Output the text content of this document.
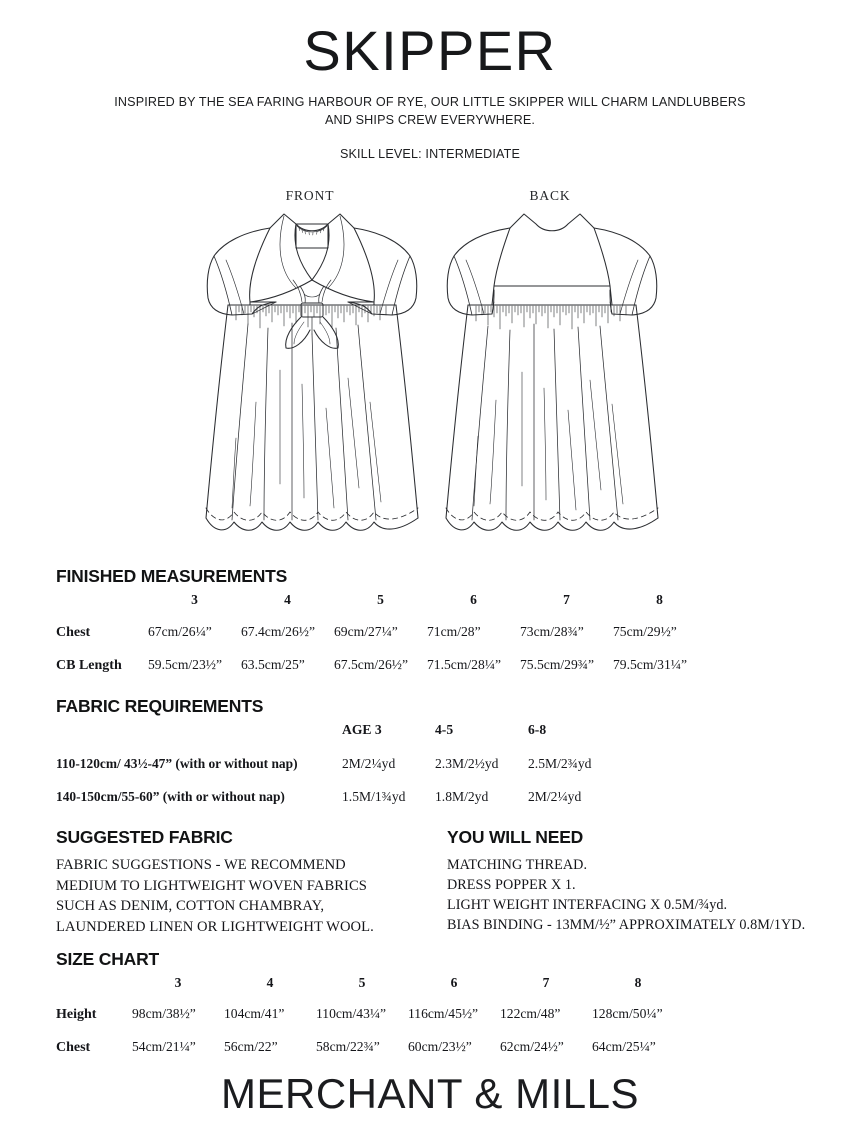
SKIPPER
INSPIRED BY THE SEA FARING HARBOUR OF RYE, OUR LITTLE SKIPPER WILL CHARM LANDLUBBERS
AND SHIPS CREW EVERYWHERE.
SKILL LEVEL: INTERMEDIATE
FRONT	BACK
FINISHED MEASUREMENTS
	3	4	5	6	7	8
Chest	67cm/26¼”	67.4cm/26½”	69cm/27¼”	71cm/28”	73cm/28¾”	75cm/29½”
CB Length	59.5cm/23½”	63.5cm/25”	67.5cm/26½”	71.5cm/28¼”	75.5cm/29¾”	79.5cm/31¼”
FABRIC REQUIREMENTS
	AGE 3	4-5	6-8
110-120cm/ 43½-47” (with or without nap)	2M/2¼yd	2.3M/2½yd	2.5M/2¾yd
140-150cm/55-60” (with or without nap)	1.5M/1¾yd	1.8M/2yd	2M/2¼yd
SUGGESTED FABRIC
FABRIC SUGGESTIONS - WE RECOMMEND
MEDIUM TO LIGHTWEIGHT WOVEN FABRICS
SUCH AS DENIM, COTTON CHAMBRAY,
LAUNDERED LINEN OR LIGHTWEIGHT WOOL.
YOU WILL NEED
MATCHING THREAD.
DRESS POPPER X 1.
LIGHT WEIGHT INTERFACING X 0.5M/¾yd.
BIAS BINDING - 13MM/½” APPROXIMATELY 0.8M/1YD.
SIZE CHART
	3	4	5	6	7	8
Height	98cm/38½”	104cm/41”	110cm/43¼”	116cm/45½”	122cm/48”	128cm/50¼”
Chest	54cm/21¼”	56cm/22”	58cm/22¾”	60cm/23½”	62cm/24½”	64cm/25¼”
MERCHANT & MILLS
